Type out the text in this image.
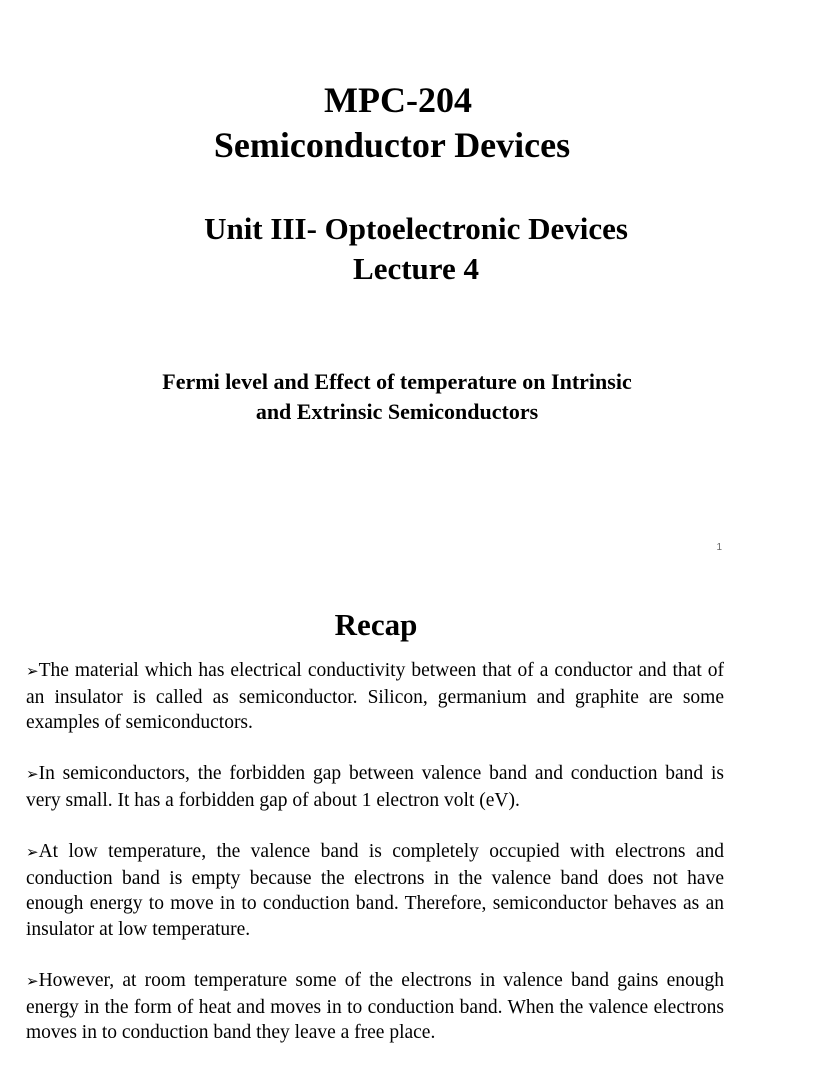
MPC-204
Semiconductor Devices
Unit III- Optoelectronic Devices
Lecture 4

Fermi level and Effect of temperature on Intrinsic
and Extrinsic Semiconductors

1
Recap
➢The material which has electrical conductivity between that of a conductor and that of an insulator is called as semiconductor. Silicon, germanium and graphite are some examples of semiconductors.
➢In semiconductors, the forbidden gap between valence band and conduction band is very small. It has a forbidden gap of about 1 electron volt (eV).
➢At low temperature, the valence band is completely occupied with electrons and conduction band is empty because the electrons in the valence band does not have enough energy to move in to conduction band. Therefore, semiconductor behaves as an insulator at low temperature.
➢However, at room temperature some of the electrons in valence band gains enough energy in the form of heat and moves in to conduction band. When the valence electrons moves in to conduction band they leave a free place.
